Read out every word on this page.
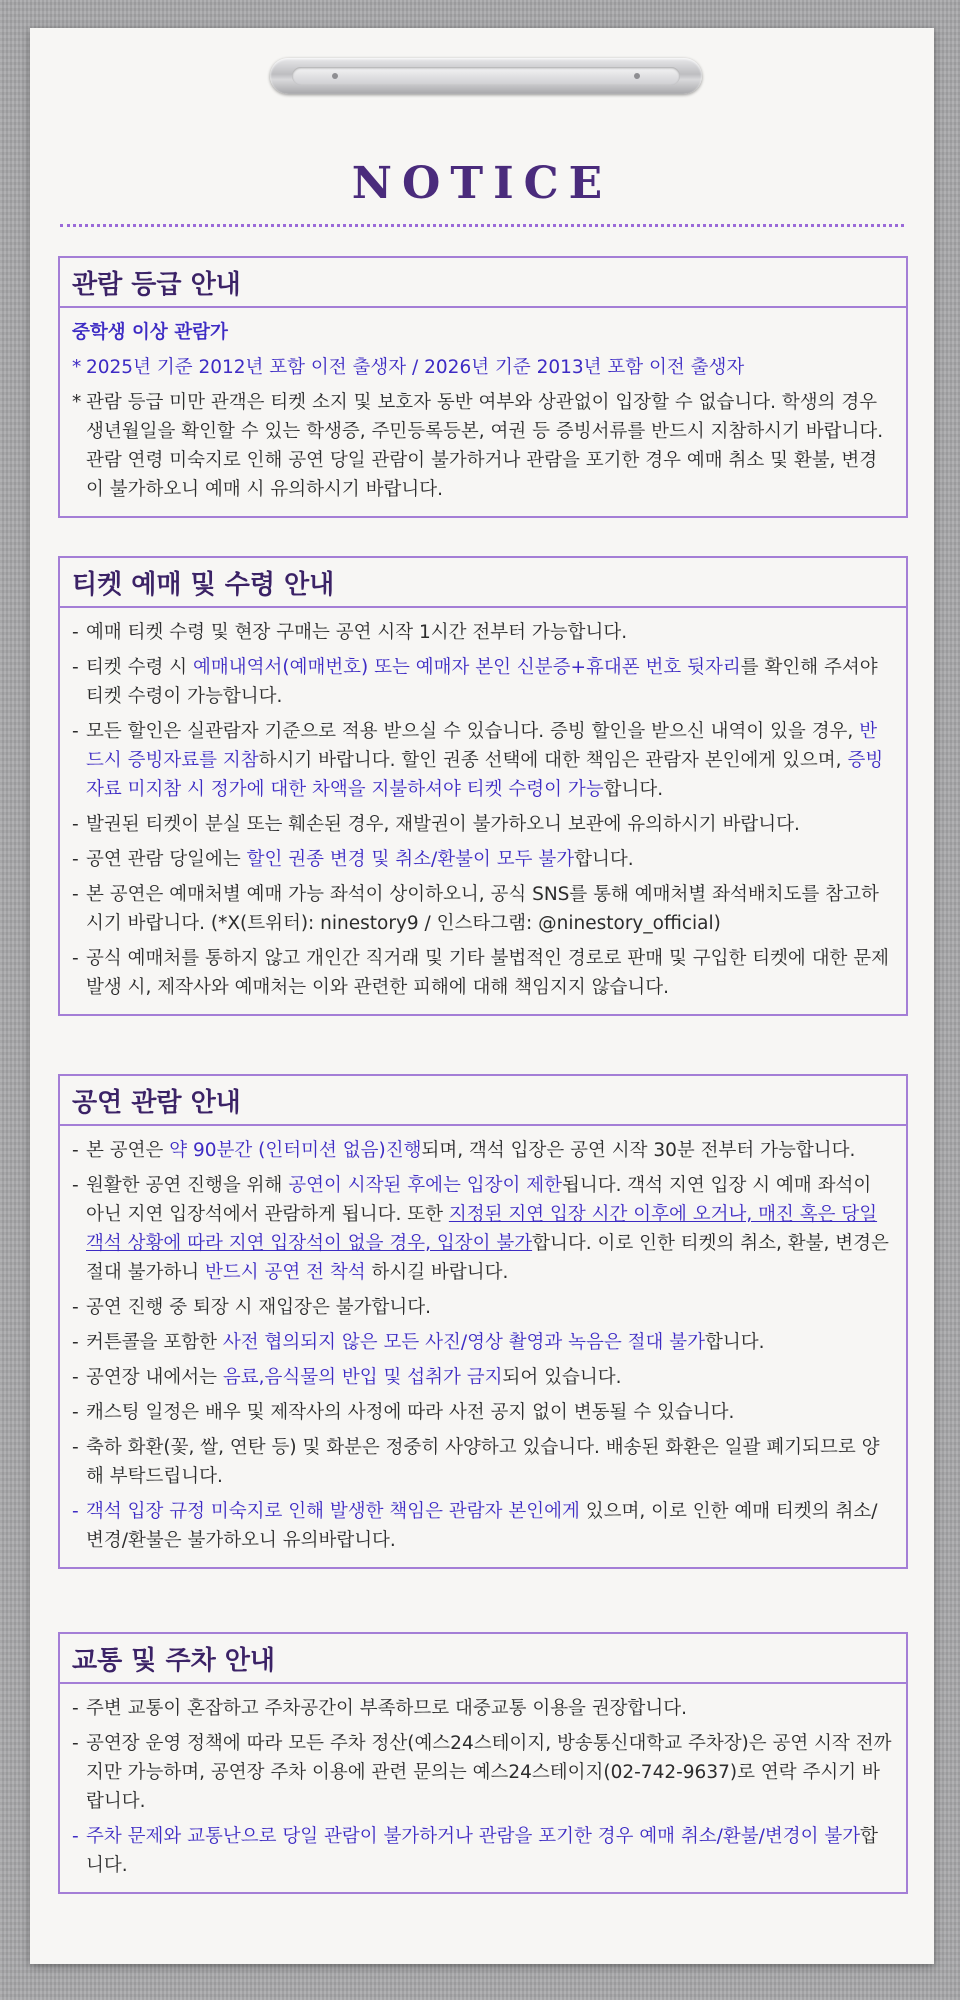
NOTICE
관람 등급 안내
중학생 이상 관람가
* 2025년 기준 2012년 포함 이전 출생자 / 2026년 기준 2013년 포함 이전 출생자
* 관람 등급 미만 관객은 티켓 소지 및 보호자 동반 여부와 상관없이 입장할 수 없습니다. 학생의 경우 생년월일을 확인할 수 있는 학생증, 주민등록등본, 여권 등 증빙서류를 반드시 지참하시기 바랍니다. 관람 연령 미숙지로 인해 공연 당일 관람이 불가하거나 관람을 포기한 경우 예매 취소 및 환불, 변경이 불가하오니 예매 시 유의하시기 바랍니다.
티켓 예매 및 수령 안내
- 예매 티켓 수령 및 현장 구매는 공연 시작 1시간 전부터 가능합니다.
- 티켓 수령 시 예매내역서(예매번호) 또는 예매자 본인 신분증+휴대폰 번호 뒷자리를 확인해 주셔야 티켓 수령이 가능합니다.
- 모든 할인은 실관람자 기준으로 적용 받으실 수 있습니다. 증빙 할인을 받으신 내역이 있을 경우, 반드시 증빙자료를 지참하시기 바랍니다. 할인 권종 선택에 대한 책임은 관람자 본인에게 있으며, 증빙자료 미지참 시 정가에 대한 차액을 지불하셔야 티켓 수령이 가능합니다.
- 발권된 티켓이 분실 또는 훼손된 경우, 재발권이 불가하오니 보관에 유의하시기 바랍니다.
- 공연 관람 당일에는 할인 권종 변경 및 취소/환불이 모두 불가합니다.
- 본 공연은 예매처별 예매 가능 좌석이 상이하오니, 공식 SNS를 통해 예매처별 좌석배치도를 참고하시기 바랍니다. (*X(트위터): ninestory9 / 인스타그램: @ninestory_official)
- 공식 예매처를 통하지 않고 개인간 직거래 및 기타 불법적인 경로로 판매 및 구입한 티켓에 대한 문제 발생 시, 제작사와 예매처는 이와 관련한 피해에 대해 책임지지 않습니다.
공연 관람 안내
- 본 공연은 약 90분간 (인터미션 없음)진행되며, 객석 입장은 공연 시작 30분 전부터 가능합니다.
- 원활한 공연 진행을 위해 공연이 시작된 후에는 입장이 제한됩니다. 객석 지연 입장 시 예매 좌석이 아닌 지연 입장석에서 관람하게 됩니다. 또한 지정된 지연 입장 시간 이후에 오거나, 매진 혹은 당일 객석 상황에 따라 지연 입장석이 없을 경우, 입장이 불가합니다. 이로 인한 티켓의 취소, 환불, 변경은 절대 불가하니 반드시 공연 전 착석 하시길 바랍니다.
- 공연 진행 중 퇴장 시 재입장은 불가합니다.
- 커튼콜을 포함한 사전 협의되지 않은 모든 사진/영상 촬영과 녹음은 절대 불가합니다.
- 공연장 내에서는 음료,음식물의 반입 및 섭취가 금지되어 있습니다.
- 캐스팅 일정은 배우 및 제작사의 사정에 따라 사전 공지 없이 변동될 수 있습니다.
- 축하 화환(꽃, 쌀, 연탄 등) 및 화분은 정중히 사양하고 있습니다. 배송된 화환은 일괄 폐기되므로 양해 부탁드립니다.
- 객석 입장 규정 미숙지로 인해 발생한 책임은 관람자 본인에게 있으며, 이로 인한 예매 티켓의 취소/변경/환불은 불가하오니 유의바랍니다.
교통 및 주차 안내
- 주변 교통이 혼잡하고 주차공간이 부족하므로 대중교통 이용을 권장합니다.
- 공연장 운영 정책에 따라 모든 주차 정산(예스24스테이지, 방송통신대학교 주차장)은 공연 시작 전까지만 가능하며, 공연장 주차 이용에 관련 문의는 예스24스테이지(02-742-9637)로 연락 주시기 바랍니다.
- 주차 문제와 교통난으로 당일 관람이 불가하거나 관람을 포기한 경우 예매 취소/환불/변경이 불가합니다.
